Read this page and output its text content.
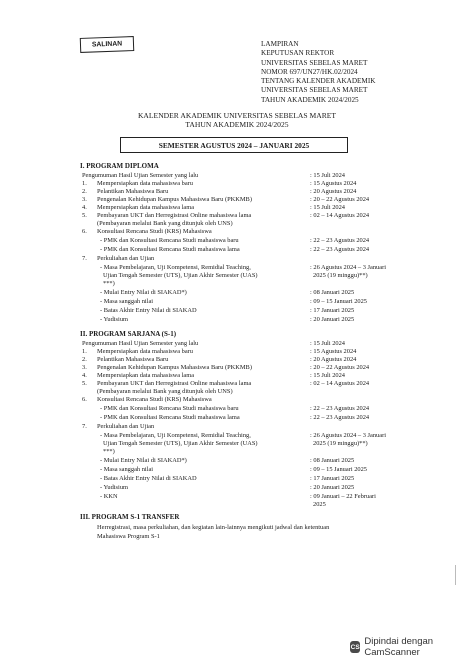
SALINAN	LAMPIRAN
KEPUTUSAN REKTOR
UNIVERSITAS SEBELAS MARET
NOMOR 697/UN27/HK.02/2024
TENTANG KALENDER AKADEMIK
UNIVERSITAS SEBELAS MARET
TAHUN AKADEMIK 2024/2025
KALENDER AKADEMIK UNIVERSITAS SEBELAS MARET
TAHUN AKADEMIK 2024/2025
SEMESTER AGUSTUS 2024 – JANUARI 2025
I. PROGRAM DIPLOMA
Pengumuman Hasil Ujian Semester yang lalu	: 15 Juli 2024
1. Mempersiapkan data mahasiswa baru	: 15 Agustus 2024
2. Pelantikan Mahasiswa Baru	: 20 Agustus 2024
3. Pengenalan Kehidupan Kampus Mahasiswa Baru (PKKMB)	: 20 – 22 Agustus 2024
4. Mempersiapkan data mahasiswa lama	: 15 Juli 2024
5. Pembayaran UKT dan Herregistrasi Online mahasiswa lama	: 02 – 14 Agustus 2024
(Pembayaran melalui Bank yang ditunjuk oleh UNS)
6. Konsultasi Rencana Studi (KRS) Mahasiswa
- PMK dan Konsultasi Rencana Studi mahasiswa baru	: 22 – 23 Agustus 2024
- PMK dan Konsultasi Rencana Studi mahasiswa lama	: 22 – 23 Agustus 2024
7. Perkuliahan dan Ujian
- Masa Pembelajaran, Uji Kompetensi, Remidial Teaching,	: 26 Agustus 2024 – 3 Januari
Ujian Tengah Semester (UTS), Ujian Akhir Semester (UAS)	2025 (19 minggu)**)
***)
- Mulai Entry Nilai di SIAKAD*)	: 08 Januari 2025
- Masa sanggah nilai	: 09 – 15 Januari 2025
- Batas Akhir Entry Nilai di SIAKAD	: 17 Januari 2025
- Yudisium	: 20 Januari 2025
II. PROGRAM SARJANA (S-1)
Pengumuman Hasil Ujian Semester yang lalu	: 15 Juli 2024
1. Mempersiapkan data mahasiswa baru	: 15 Agustus 2024
2. Pelantikan Mahasiswa Baru	: 20 Agustus 2024
3. Pengenalan Kehidupan Kampus Mahasiswa Baru (PKKMB)	: 20 – 22 Agustus 2024
4. Mempersiapkan data mahasiswa lama	: 15 Juli 2024
5. Pembayaran UKT dan Herregistrasi Online mahasiswa lama	: 02 – 14 Agustus 2024
(Pembayaran melalui Bank yang ditunjuk oleh UNS)
6. Konsultasi Rencana Studi (KRS) Mahasiswa
- PMK dan Konsultasi Rencana Studi mahasiswa baru	: 22 – 23 Agustus 2024
- PMK dan Konsultasi Rencana Studi mahasiswa lama	: 22 – 23 Agustus 2024
7. Perkuliahan dan Ujian
- Masa Pembelajaran, Uji Kompetensi, Remidial Teaching,	: 26 Agustus 2024 – 3 Januari
Ujian Tengah Semester (UTS), Ujian Akhir Semester (UAS)	2025 (19 minggu)**)
***)
- Mulai Entry Nilai di SIAKAD*)	: 08 Januari 2025
- Masa sanggah nilai	: 09 – 15 Januari 2025
- Batas Akhir Entry Nilai di SIAKAD	: 17 Januari 2025
- Yudisium	: 20 Januari 2025
- KKN	: 09 Januari – 22 Februari
2025
III. PROGRAM S-1 TRANSFER
Herregistrasi, masa perkuliahan, dan kegiatan lain-lainnya mengikuti jadwal dan ketentuan
Mahasiswa Program S-1
CS Dipindai dengan CamScanner
